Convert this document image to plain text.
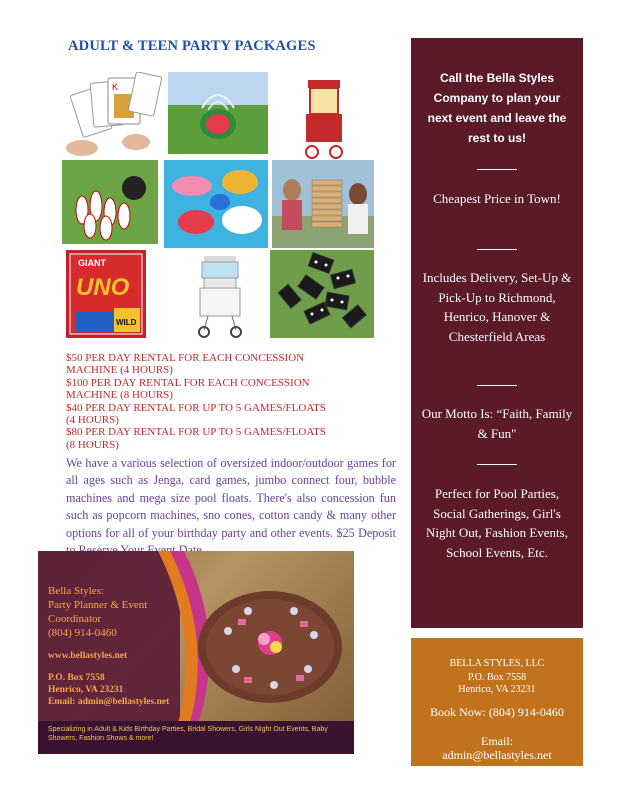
ADULT & TEEN PARTY PACKAGES
K
GIANT
UNO
WILD
$50 PER DAY RENTAL FOR EACH CONCESSION
MACHINE (4 HOURS)
$100 PER DAY RENTAL FOR EACH CONCESSION
MACHINE (8 HOURS)
$40 PER DAY RENTAL FOR UP TO 5 GAMES/FLOATS
(4 HOURS)
$80 PER DAY RENTAL FOR UP TO 5 GAMES/FLOATS
(8 HOURS)
We have a various selection of oversized indoor/outdoor games for all ages such as Jenga, card games, jumbo connect four, bubble machines and mega size pool floats. There's also concession fun such as popcorn machines, sno cones, cotton candy & many other options for all of your birthday party and other events. $25 Deposit
Bella Styles:
Party Planner & Event
Coordinator
(804) 914-0460
www.bellastyles.net
P.O. Box 7558
Henrico, VA 23231
Email: admin@bellastyles.net
Specializing in Adult & Kids Birthday Parties, Bridal Showers, Girls Night Out Events, Baby Showers, Fashion Shows & more!
Call the Bella Styles Company to plan your next event and leave the rest to us!
Cheapest Price in Town!
Includes Delivery, Set-Up & Pick-Up to Richmond, Henrico, Hanover & Chesterfield Areas
Our Motto Is: “Faith, Family & Fun"
Perfect for Pool Parties, Social Gatherings, Girl's Night Out, Fashion Events, School Events, Etc.
BELLA STYLES, LLC
P.O. Box 7558
Henrico, VA 23231
Book Now: (804) 914-0460
Email:
admin@bellastyles.net
